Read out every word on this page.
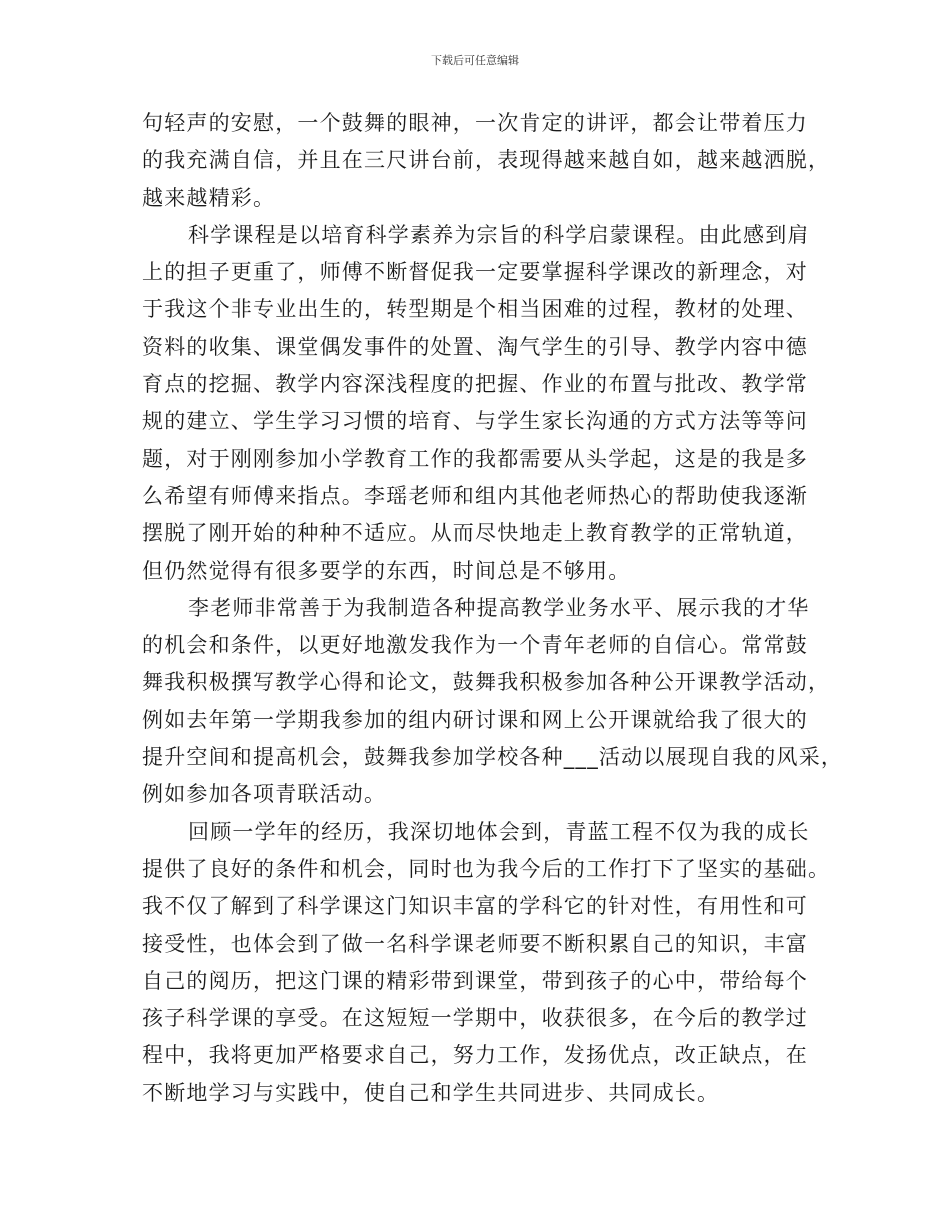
下载后可任意编辑
句轻声的安慰，一个鼓舞的眼神，一次肯定的讲评，都会让带着压力
的我充满自信，并且在三尺讲台前，表现得越来越自如，越来越洒脱，
越来越精彩。
科学课程是以培育科学素养为宗旨的科学启蒙课程。由此感到肩
上的担子更重了，师傅不断督促我一定要掌握科学课改的新理念，对
于我这个非专业出生的，转型期是个相当困难的过程，教材的处理、
资料的收集、课堂偶发事件的处置、淘气学生的引导、教学内容中德
育点的挖掘、教学内容深浅程度的把握、作业的布置与批改、教学常
规的建立、学生学习习惯的培育、与学生家长沟通的方式方法等等问
题，对于刚刚参加小学教育工作的我都需要从头学起，这是的我是多
么希望有师傅来指点。李瑶老师和组内其他老师热心的帮助使我逐渐
摆脱了刚开始的种种不适应。从而尽快地走上教育教学的正常轨道，
但仍然觉得有很多要学的东西，时间总是不够用。
李老师非常善于为我制造各种提高教学业务水平、展示我的才华
的机会和条件，以更好地激发我作为一个青年老师的自信心。常常鼓
舞我积极撰写教学心得和论文，鼓舞我积极参加各种公开课教学活动，
例如去年第一学期我参加的组内研讨课和网上公开课就给我了很大的
提升空间和提高机会，鼓舞我参加学校各种___活动以展现自我的风采，
例如参加各项青联活动。
回顾一学年的经历，我深切地体会到，青蓝工程不仅为我的成长
提供了良好的条件和机会，同时也为我今后的工作打下了坚实的基础。
我不仅了解到了科学课这门知识丰富的学科它的针对性，有用性和可
接受性，也体会到了做一名科学课老师要不断积累自己的知识，丰富
自己的阅历，把这门课的精彩带到课堂，带到孩子的心中，带给每个
孩子科学课的享受。在这短短一学期中，收获很多，在今后的教学过
程中，我将更加严格要求自己，努力工作，发扬优点，改正缺点，在
不断地学习与实践中，使自己和学生共同进步、共同成长。
